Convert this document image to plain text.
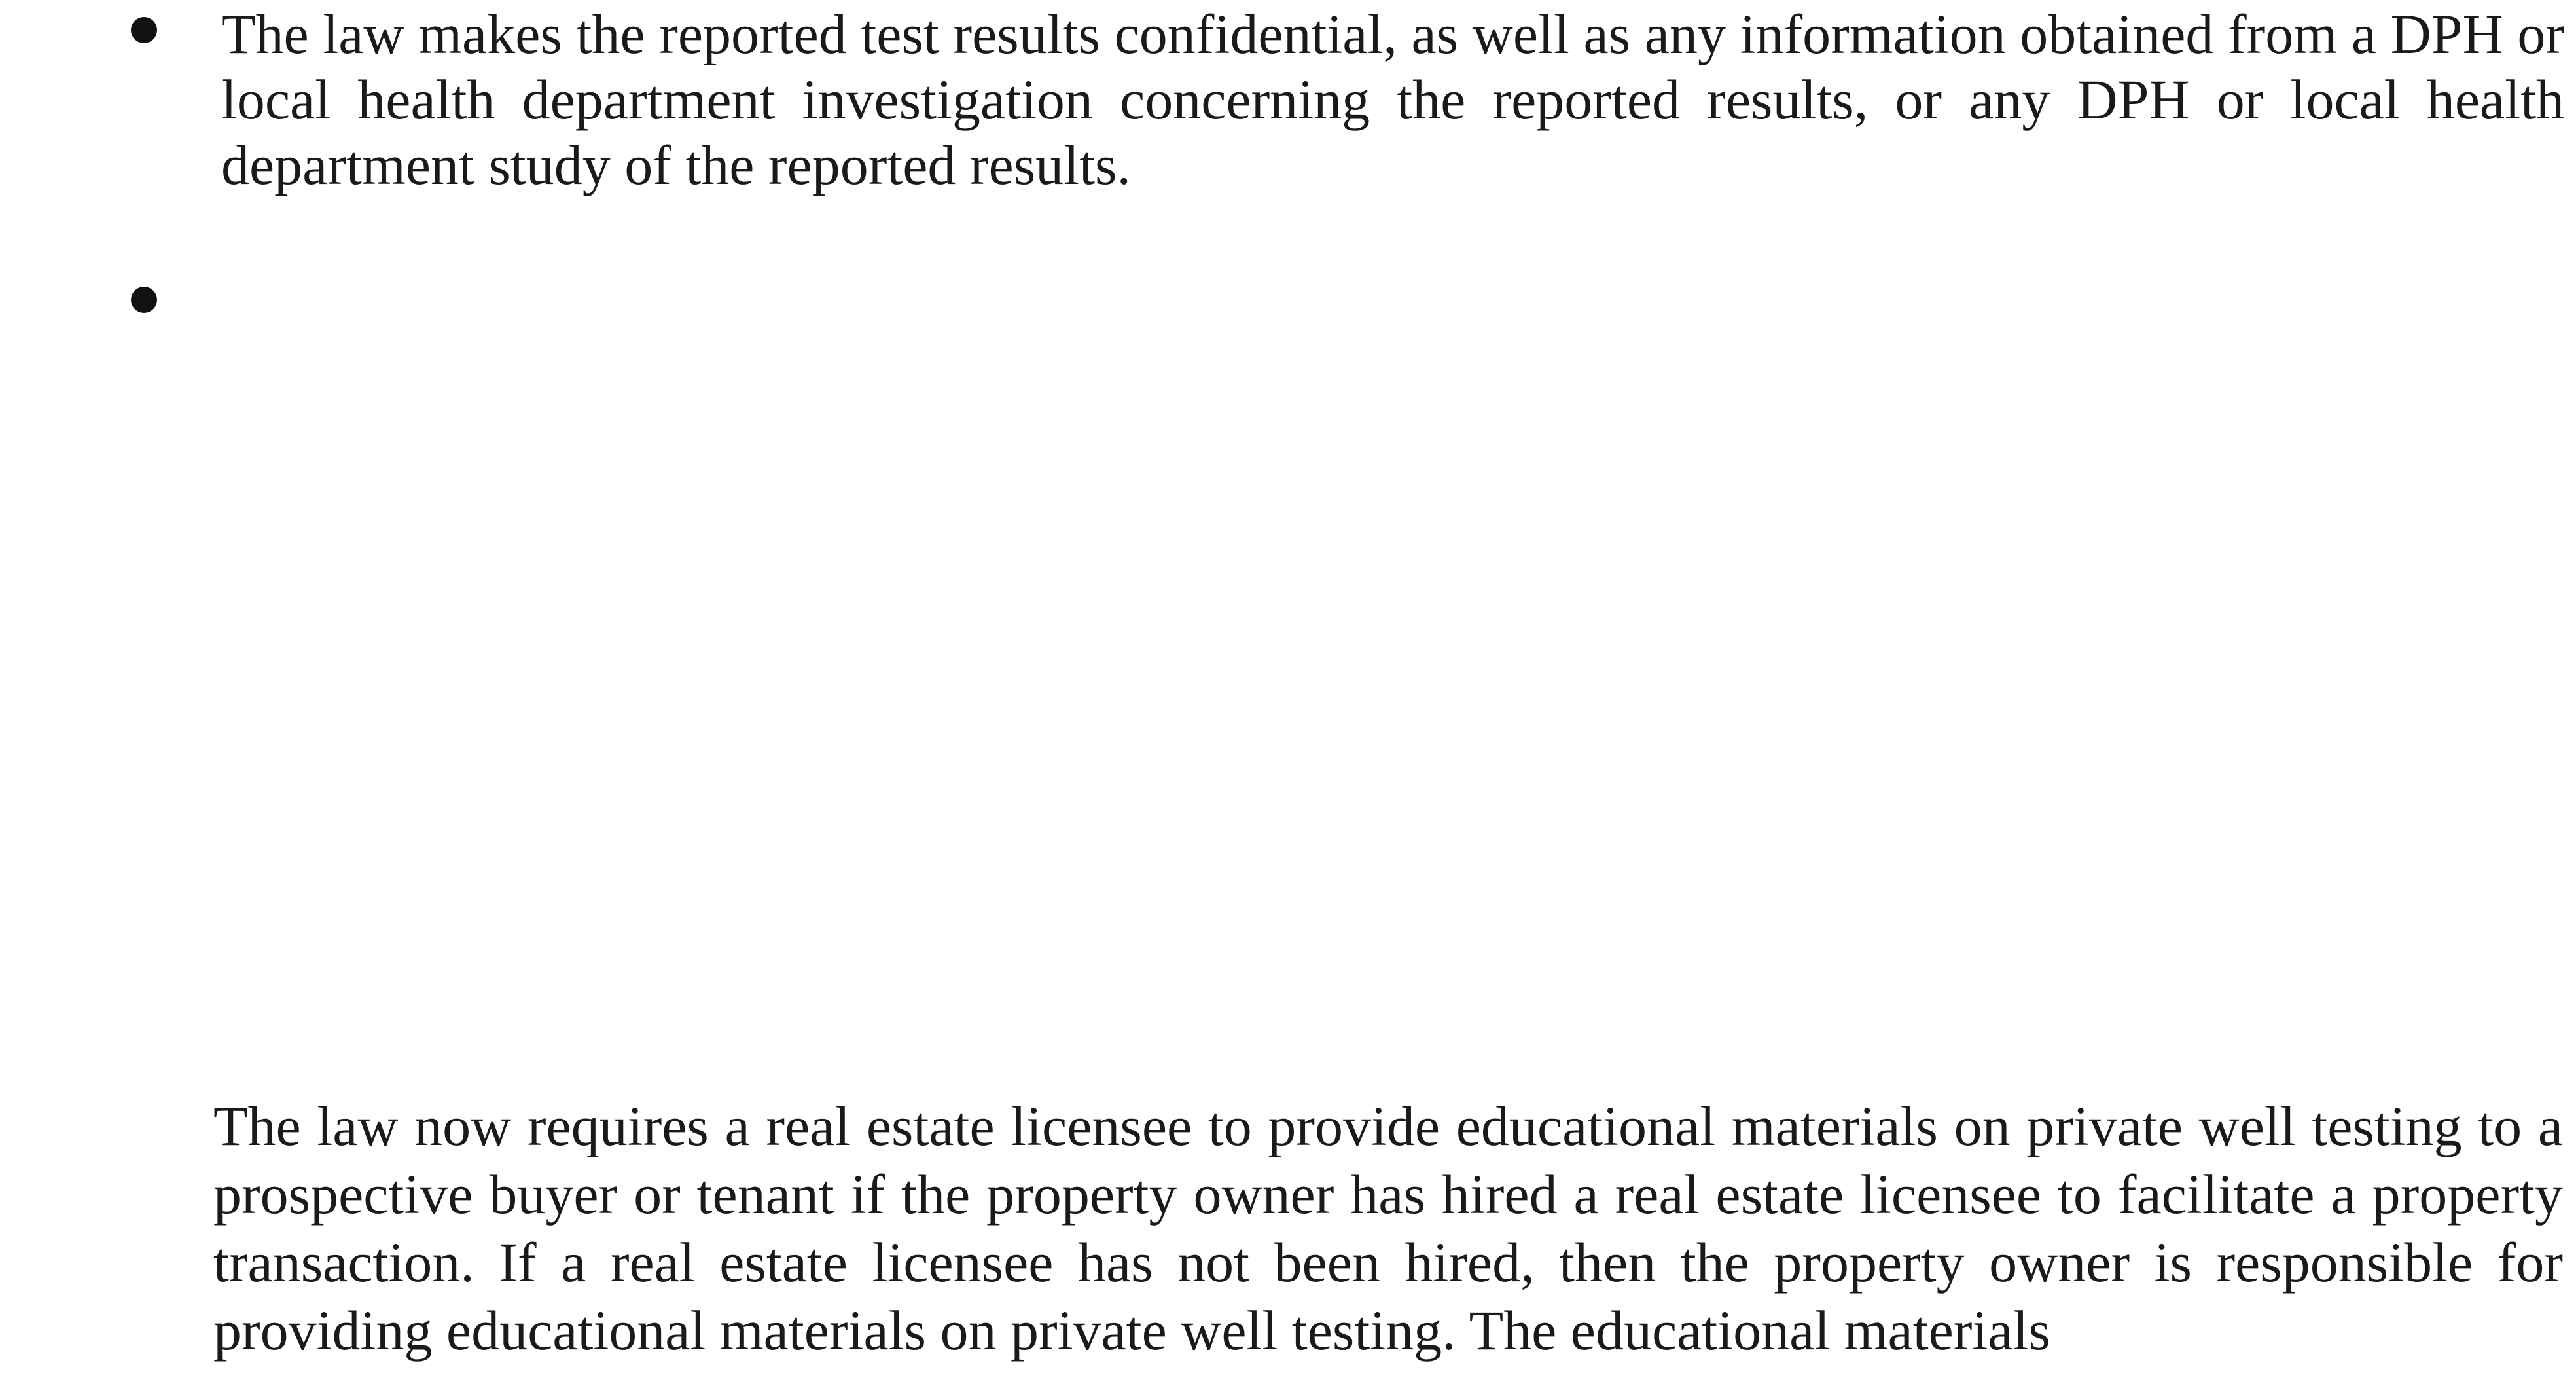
The law makes the reported test results confidential, as well as any information obtained from a DPH or local health department investigation concerning the reported results, or any DPH or local health department study of the reported results.

The law now requires a real estate licensee to provide educational materials on private well testing to a prospective buyer or tenant if the property owner has hired a real estate licensee to facilitate a property transaction. If a real estate licensee has not been hired, then the property owner is responsible for providing educational materials on private well testing. The educational materials
